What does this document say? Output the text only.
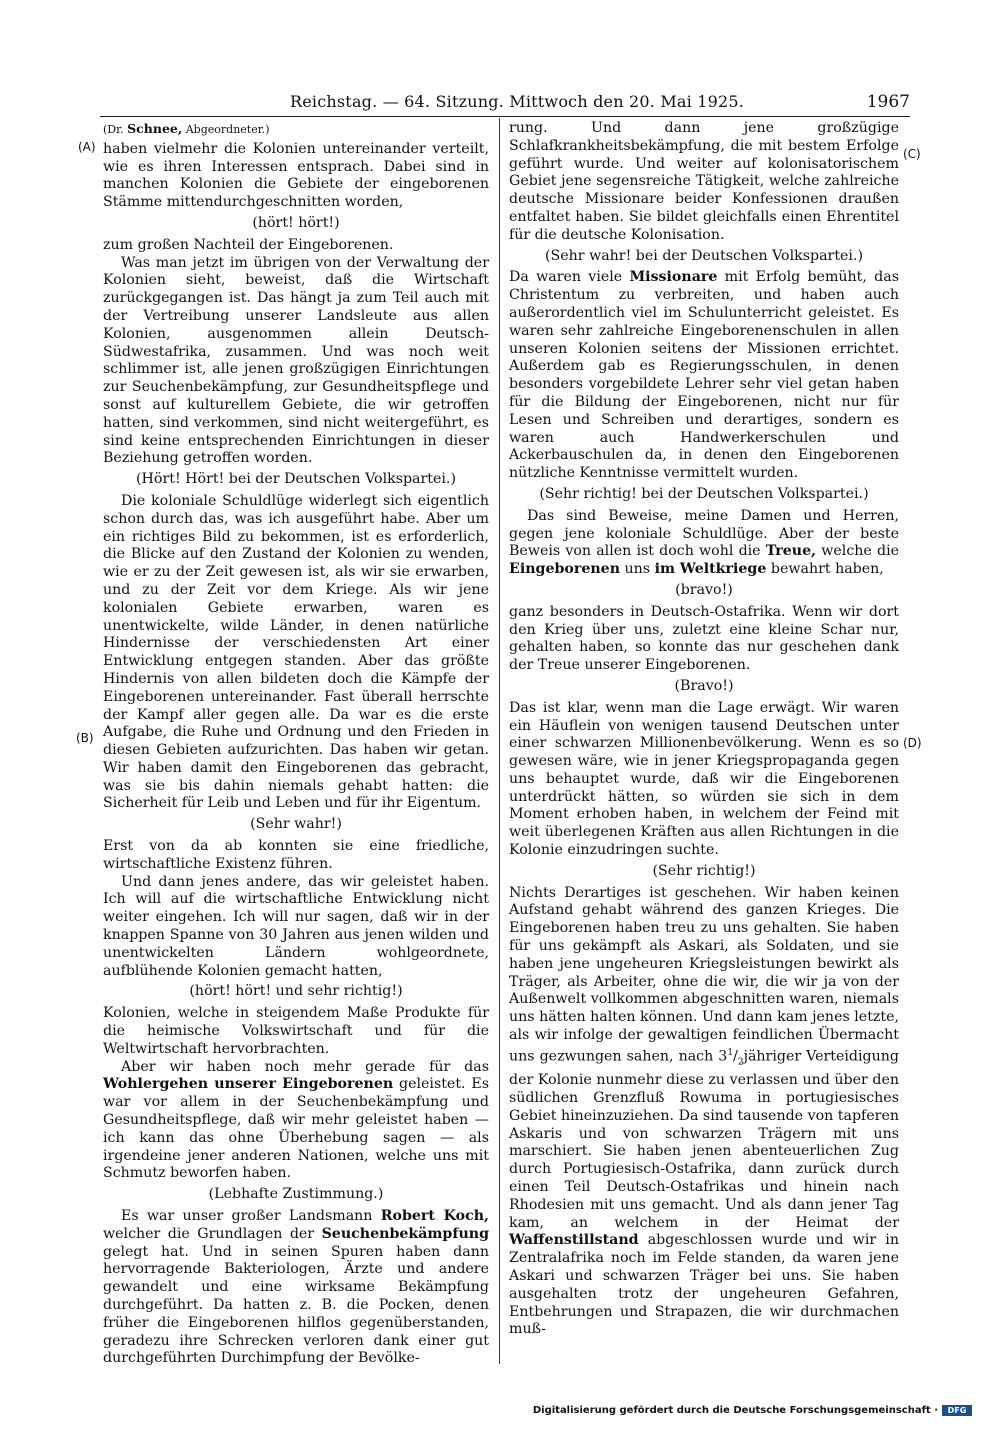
Reichstag. — 64. Sitzung. Mittwoch den 20. Mai 1925.	1967
(A)
(B)
(C)
(D)

(Dr. Schnee, Abgeordneter.)

haben vielmehr die Kolonien untereinander verteilt, wie es ihren Interessen entsprach. Dabei sind in manchen Kolonien die Gebiete der eingeborenen Stämme mittendurchgeschnitten worden,

(hört! hört!)

zum großen Nachteil der Eingeborenen.

Was man jetzt im übrigen von der Verwaltung der Kolonien sieht, beweist, daß die Wirtschaft zurückgegangen ist. Das hängt ja zum Teil auch mit der Vertreibung unserer Landsleute aus allen Kolonien, ausgenommen allein Deutsch-Südwestafrika, zusammen. Und was noch weit schlimmer ist, alle jenen großzügigen Einrichtungen zur Seuchenbekämpfung, zur Gesundheitspflege und sonst auf kulturellem Gebiete, die wir getroffen hatten, sind verkommen, sind nicht weitergeführt, es sind keine entsprechenden Einrichtungen in dieser Beziehung getroffen worden.

(Hört! Hört! bei der Deutschen Volkspartei.)

Die koloniale Schuldlüge widerlegt sich eigentlich schon durch das, was ich ausgeführt habe. Aber um ein richtiges Bild zu bekommen, ist es erforderlich, die Blicke auf den Zustand der Kolonien zu wenden, wie er zu der Zeit gewesen ist, als wir sie erwarben, und zu der Zeit vor dem Kriege. Als wir jene kolonialen Gebiete erwarben, waren es unentwickelte, wilde Länder, in denen natürliche Hindernisse der verschiedensten Art einer Entwicklung entgegen standen. Aber das größte Hindernis von allen bildeten doch die Kämpfe der Eingeborenen untereinander. Fast überall herrschte der Kampf aller gegen alle. Da war es die erste Aufgabe, die Ruhe und Ordnung und den Frieden in diesen Gebieten aufzurichten. Das haben wir getan. Wir haben damit den Eingeborenen das gebracht, was sie bis dahin niemals gehabt hatten: die Sicherheit für Leib und Leben und für ihr Eigentum.

(Sehr wahr!)

Erst von da ab konnten sie eine friedliche, wirtschaftliche Existenz führen.

Und dann jenes andere, das wir geleistet haben. Ich will auf die wirtschaftliche Entwicklung nicht weiter eingehen. Ich will nur sagen, daß wir in der knappen Spanne von 30 Jahren aus jenen wilden und unentwickelten Ländern wohlgeordnete, aufblühende Kolonien gemacht hatten,

(hört! hört! und sehr richtig!)

Kolonien, welche in steigendem Maße Produkte für die heimische Volkswirtschaft und für die Weltwirtschaft hervorbrachten.

Aber wir haben noch mehr gerade für das Wohlergehen unserer Eingeborenen geleistet. Es war vor allem in der Seuchenbekämpfung und Gesundheitspflege, daß wir mehr geleistet haben — ich kann das ohne Überhebung sagen — als irgendeine jener anderen Nationen, welche uns mit Schmutz beworfen haben.

(Lebhafte Zustimmung.)

Es war unser großer Landsmann Robert Koch, welcher die Grundlagen der Seuchenbekämpfung gelegt hat. Und in seinen Spuren haben dann hervorragende Bakteriologen, Ärzte und andere gewandelt und eine wirksame Bekämpfung durchgeführt. Da hatten z. B. die Pocken, denen früher die Eingeborenen hilflos gegenüberstanden, geradezu ihre Schrecken verloren dank einer gut durchgeführten Durchimpfung der Bevölke-

rung. Und dann jene großzügige Schlafkrankheitsbekämpfung, die mit bestem Erfolge geführt wurde. Und weiter auf kolonisatorischem Gebiet jene segensreiche Tätigkeit, welche zahlreiche deutsche Missionare beider Konfessionen draußen entfaltet haben. Sie bildet gleichfalls einen Ehrentitel für die deutsche Kolonisation.

(Sehr wahr! bei der Deutschen Volkspartei.)

Da waren viele Missionare mit Erfolg bemüht, das Christentum zu verbreiten, und haben auch außerordentlich viel im Schulunterricht geleistet. Es waren sehr zahlreiche Eingeborenenschulen in allen unseren Kolonien seitens der Missionen errichtet. Außerdem gab es Regierungsschulen, in denen besonders vorgebildete Lehrer sehr viel getan haben für die Bildung der Eingeborenen, nicht nur für Lesen und Schreiben und derartiges, sondern es waren auch Handwerkerschulen und Ackerbauschulen da, in denen den Eingeborenen nützliche Kenntnisse vermittelt wurden.

(Sehr richtig! bei der Deutschen Volkspartei.)

Das sind Beweise, meine Damen und Herren, gegen jene koloniale Schuldlüge. Aber der beste Beweis von allen ist doch wohl die Treue, welche die Eingeborenen uns im Weltkriege bewahrt haben,

(bravo!)

ganz besonders in Deutsch-Ostafrika. Wenn wir dort den Krieg über uns, zuletzt eine kleine Schar nur, gehalten haben, so konnte das nur geschehen dank der Treue unserer Eingeborenen.

(Bravo!)

Das ist klar, wenn man die Lage erwägt. Wir waren ein Häuflein von wenigen tausend Deutschen unter einer schwarzen Millionenbevölkerung. Wenn es so gewesen wäre, wie in jener Kriegspropaganda gegen uns behauptet wurde, daß wir die Eingeborenen unterdrückt hätten, so würden sie sich in dem Moment erhoben haben, in welchem der Feind mit weit überlegenen Kräften aus allen Richtungen in die Kolonie einzudringen suchte.

(Sehr richtig!)

Nichts Derartiges ist geschehen. Wir haben keinen Aufstand gehabt während des ganzen Krieges. Die Eingeborenen haben treu zu uns gehalten. Sie haben für uns gekämpft als Askari, als Soldaten, und sie haben jene ungeheuren Kriegsleistungen bewirkt als Träger, als Arbeiter, ohne die wir, die wir ja von der Außenwelt vollkommen abgeschnitten waren, niemals uns hätten halten können. Und dann kam jenes letzte, als wir infolge der gewaltigen feindlichen Übermacht uns gezwungen sahen, nach $3^1/_2jähriger$ Verteidigung der Kolonie nunmehr diese zu verlassen und über den südlichen Grenzfluß Rowuma in portugiesisches Gebiet hineinzuziehen. Da sind tausende von tapferen Askaris und von schwarzen Trägern mit uns marschiert. Sie haben jenen abenteuerlichen Zug durch Portugiesisch-Ostafrika, dann zurück durch einen Teil Deutsch-Ostafrikas und hinein nach Rhodesien mit uns gemacht. Und als dann jener Tag kam, an welchem in der Heimat der Waffenstillstand abgeschlossen wurde und wir in Zentralafrika noch im Felde standen, da waren jene Askari und schwarzen Träger bei uns. Sie haben ausgehalten trotz der ungeheuren Gefahren, Entbehrungen und Strapazen, die wir durchmachen muß-

Digitalisierung gefördert durch die Deutsche Forschungsgemeinschaft ·	DFG
